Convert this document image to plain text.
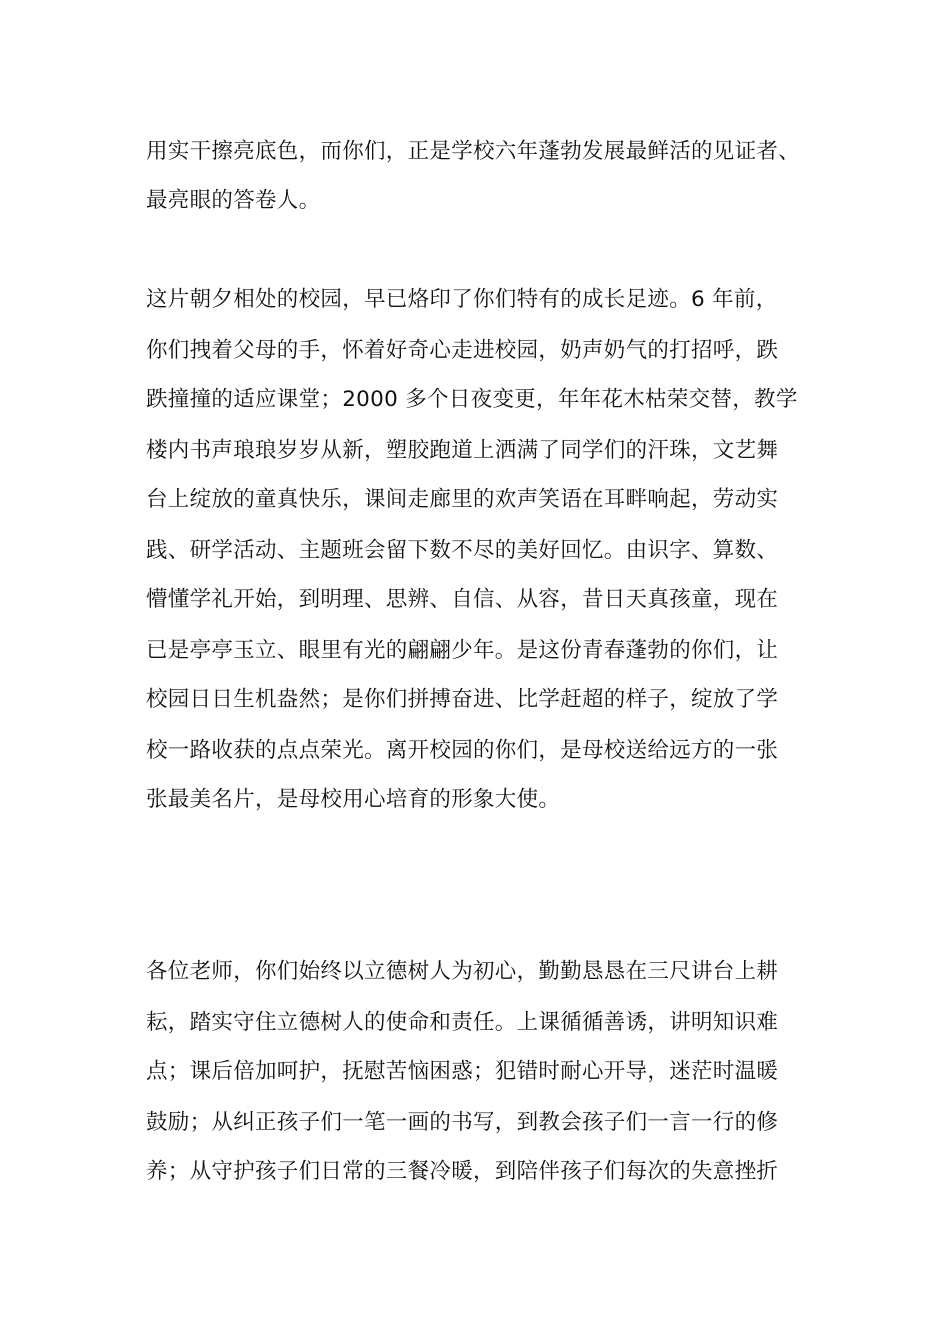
用实干擦亮底色，而你们，正是学校六年蓬勃发展最鲜活的见证者、
最亮眼的答卷人。
这片朝夕相处的校园，早已烙印了你们特有的成长足迹。6 年前，
你们拽着父母的手，怀着好奇心走进校园，奶声奶气的打招呼，跌
跌撞撞的适应课堂；2000 多个日夜变更，年年花木枯荣交替，教学
楼内书声琅琅岁岁从新，塑胶跑道上洒满了同学们的汗珠，文艺舞
台上绽放的童真快乐，课间走廊里的欢声笑语在耳畔响起，劳动实
践、研学活动、主题班会留下数不尽的美好回忆。由识字、算数、
懵懂学礼开始，到明理、思辨、自信、从容，昔日天真孩童，现在
已是亭亭玉立、眼里有光的翩翩少年。是这份青春蓬勃的你们，让
校园日日生机盎然；是你们拼搏奋进、比学赶超的样子，绽放了学
校一路收获的点点荣光。离开校园的你们，是母校送给远方的一张
张最美名片，是母校用心培育的形象大使。
各位老师，你们始终以立德树人为初心，勤勤恳恳在三尺讲台上耕
耘，踏实守住立德树人的使命和责任。上课循循善诱，讲明知识难
点；课后倍加呵护，抚慰苦恼困惑；犯错时耐心开导，迷茫时温暖
鼓励；从纠正孩子们一笔一画的书写，到教会孩子们一言一行的修
养；从守护孩子们日常的三餐冷暖，到陪伴孩子们每次的失意挫折
